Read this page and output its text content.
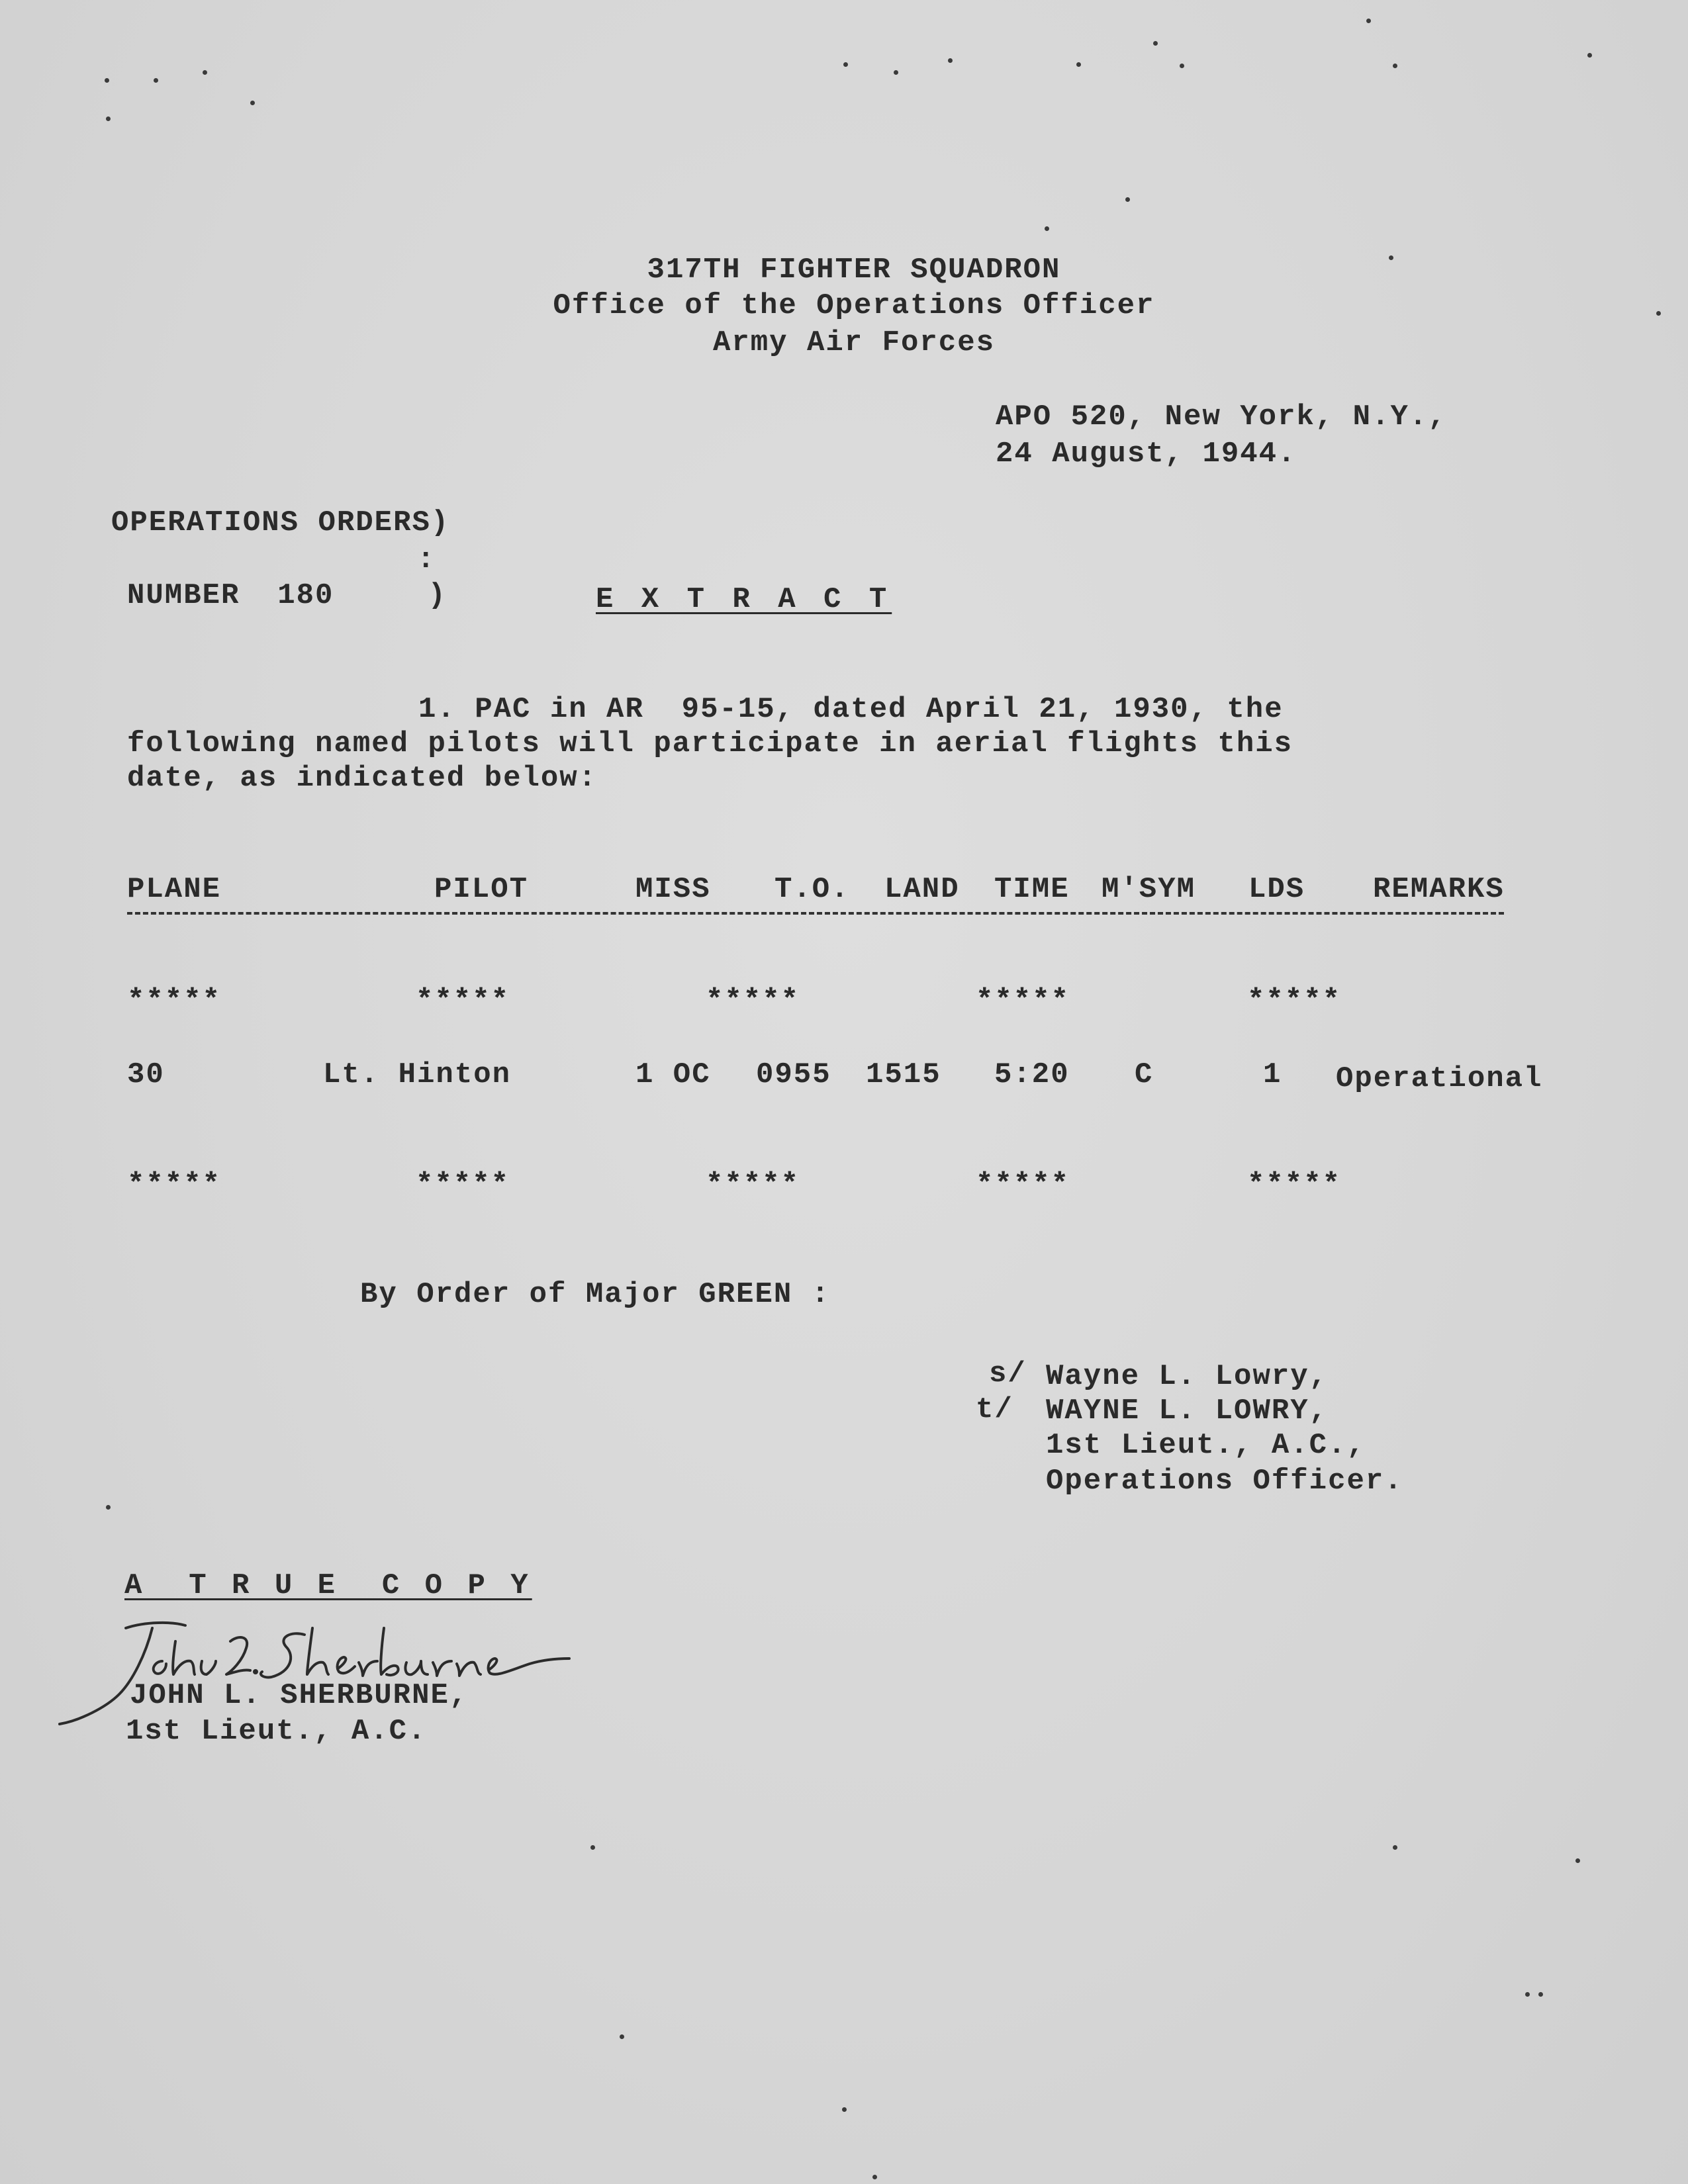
317TH FIGHTER SQUADRON
Office of the Operations Officer
Army Air Forces
APO 520, New York, N.Y.,
24 August, 1944.
OPERATIONS ORDERS)
:
NUMBER  180     )	E X T R A C T
1. PAC in AR  95-15, dated April 21, 1930, the
following named pilots will participate in aerial flights this
date, as indicated below:
PLANE	PILOT	MISS T.O. LAND TIME M'SYM LDS REMARKS
*****	*****	*****	*****	*****
30	Lt. Hinton	1 OC 0955 1515 5:20 C	1 Operational
*****	*****	*****	*****	*****
By Order of Major GREEN :
s/
t/
Wayne L. Lowry,
WAYNE L. LOWRY,
1st Lieut., A.C.,
Operations Officer.
A  T R U E  C O P Y
JOHN L. SHERBURNE,
1st Lieut., A.C.
